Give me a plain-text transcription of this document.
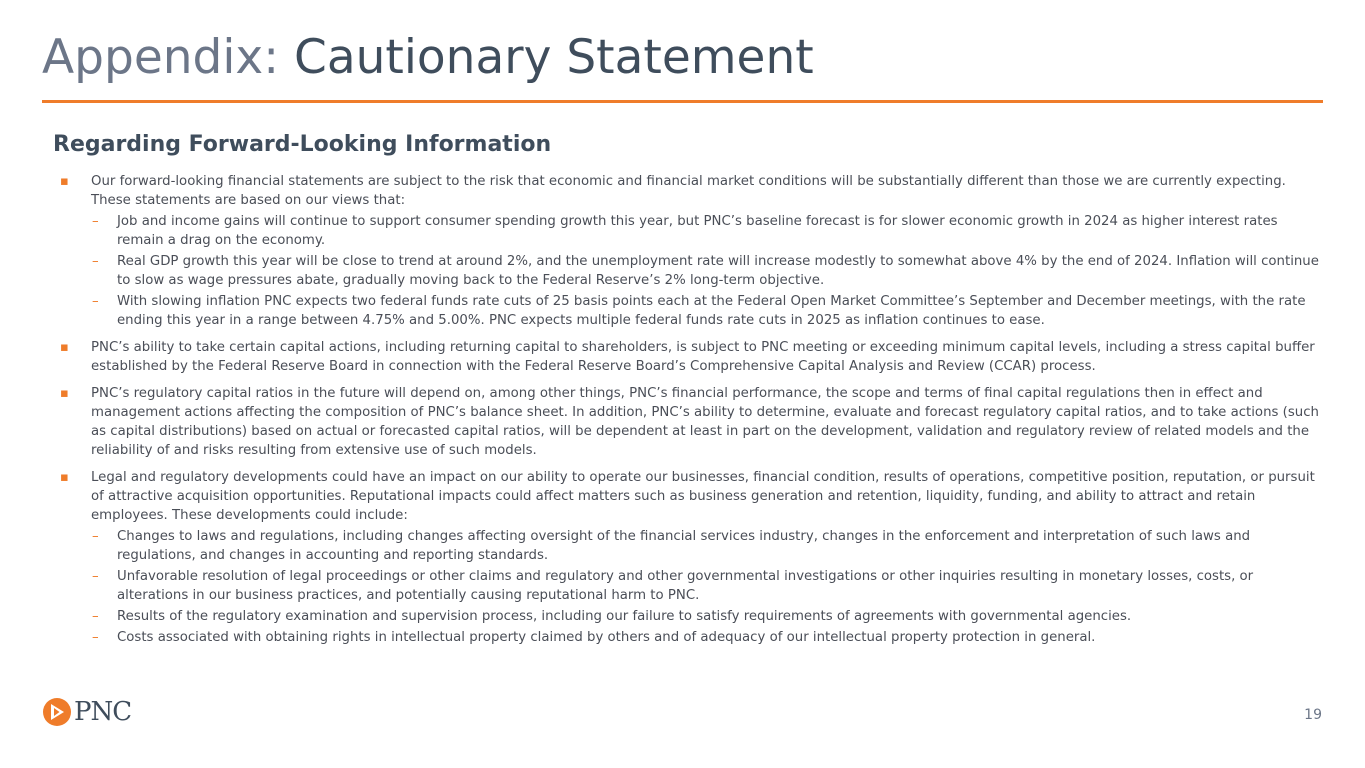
Appendix: Cautionary Statement
Regarding Forward-Looking Information
▪ Our forward-looking financial statements are subject to the risk that economic and financial market conditions will be substantially different than those we are currently expecting. These statements are based on our views that:
– Job and income gains will continue to support consumer spending growth this year, but PNC’s baseline forecast is for slower economic growth in 2024 as higher interest rates remain a drag on the economy.
– Real GDP growth this year will be close to trend at around 2%, and the unemployment rate will increase modestly to somewhat above 4% by the end of 2024. Inflation will continue to slow as wage pressures abate, gradually moving back to the Federal Reserve’s 2% long-term objective.
– With slowing inflation PNC expects two federal funds rate cuts of 25 basis points each at the Federal Open Market Committee’s September and December meetings, with the rate ending this year in a range between 4.75% and 5.00%. PNC expects multiple federal funds rate cuts in 2025 as inflation continues to ease.
▪ PNC’s ability to take certain capital actions, including returning capital to shareholders, is subject to PNC meeting or exceeding minimum capital levels, including a stress capital buffer established by the Federal Reserve Board in connection with the Federal Reserve Board’s Comprehensive Capital Analysis and Review (CCAR) process.
▪ PNC’s regulatory capital ratios in the future will depend on, among other things, PNC’s financial performance, the scope and terms of final capital regulations then in effect and management actions affecting the composition of PNC’s balance sheet. In addition, PNC’s ability to determine, evaluate and forecast regulatory capital ratios, and to take actions (such as capital distributions) based on actual or forecasted capital ratios, will be dependent at least in part on the development, validation and regulatory review of related models and the reliability of and risks resulting from extensive use of such models.
▪ Legal and regulatory developments could have an impact on our ability to operate our businesses, financial condition, results of operations, competitive position, reputation, or pursuit of attractive acquisition opportunities. Reputational impacts could affect matters such as business generation and retention, liquidity, funding, and ability to attract and retain employees. These developments could include:
– Changes to laws and regulations, including changes affecting oversight of the financial services industry, changes in the enforcement and interpretation of such laws and regulations, and changes in accounting and reporting standards.
– Unfavorable resolution of legal proceedings or other claims and regulatory and other governmental investigations or other inquiries resulting in monetary losses, costs, or alterations in our business practices, and potentially causing reputational harm to PNC.
– Results of the regulatory examination and supervision process, including our failure to satisfy requirements of agreements with governmental agencies.
– Costs associated with obtaining rights in intellectual property claimed by others and of adequacy of our intellectual property protection in general.
PNC	19
